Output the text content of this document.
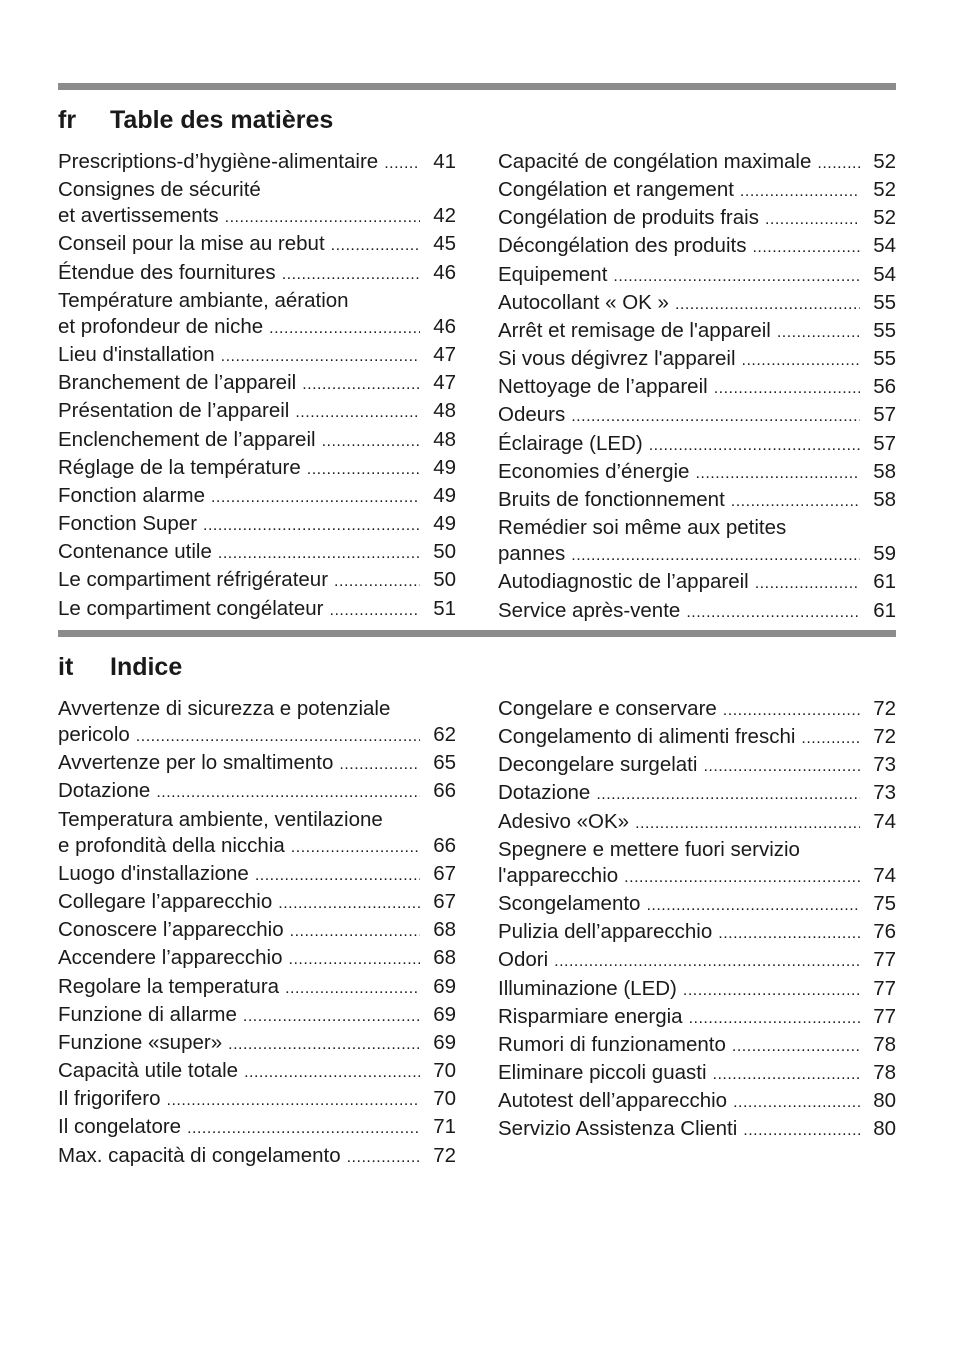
fr	Table des matières
Prescriptions-d’hygiène-alimentaire .....	41
Consignes de sécurité
et avertissements .....	42
Conseil pour la mise au rebut .....	45
Étendue des fournitures .....	46
Température ambiante, aération
et profondeur de niche .....	46
Lieu d'installation .....	47
Branchement de l’appareil .....	47
Présentation de l’appareil .....	48
Enclenchement de l’appareil .....	48
Réglage de la température .....	49
Fonction alarme .....	49
Fonction Super .....	49
Contenance utile .....	50
Le compartiment réfrigérateur .....	50
Le compartiment congélateur .....	51
Capacité de congélation maximale .....	52
Congélation et rangement .....	52
Congélation de produits frais .....	52
Décongélation des produits .....	54
Equipement .....	54
Autocollant « OK » .....	55
Arrêt et remisage de l'appareil .....	55
Si vous dégivrez l'appareil .....	55
Nettoyage de l’appareil .....	56
Odeurs .....	57
Éclairage (LED) .....	57
Economies d’énergie .....	58
Bruits de fonctionnement .....	58
Remédier soi même aux petites
pannes .....	59
Autodiagnostic de l’appareil .....	61
Service après-vente .....	61
it	Indice
Avvertenze di sicurezza e potenziale
pericolo .....	62
Avvertenze per lo smaltimento .....	65
Dotazione .....	66
Temperatura ambiente, ventilazione
e profondità della nicchia .....	66
Luogo d'installazione .....	67
Collegare l’apparecchio .....	67
Conoscere l’apparecchio .....	68
Accendere l’apparecchio .....	68
Regolare la temperatura .....	69
Funzione di allarme .....	69
Funzione «super» .....	69
Capacità utile totale .....	70
Il frigorifero .....	70
Il congelatore .....	71
Max. capacità di congelamento .....	72
Congelare e conservare .....	72
Congelamento di alimenti freschi .....	72
Decongelare surgelati .....	73
Dotazione .....	73
Adesivo «OK» .....	74
Spegnere e mettere fuori servizio
l'apparecchio .....	74
Scongelamento .....	75
Pulizia dell’apparecchio .....	76
Odori .....	77
Illuminazione (LED) .....	77
Risparmiare energia .....	77
Rumori di funzionamento .....	78
Eliminare piccoli guasti .....	78
Autotest dell’apparecchio .....	80
Servizio Assistenza Clienti .....	80
